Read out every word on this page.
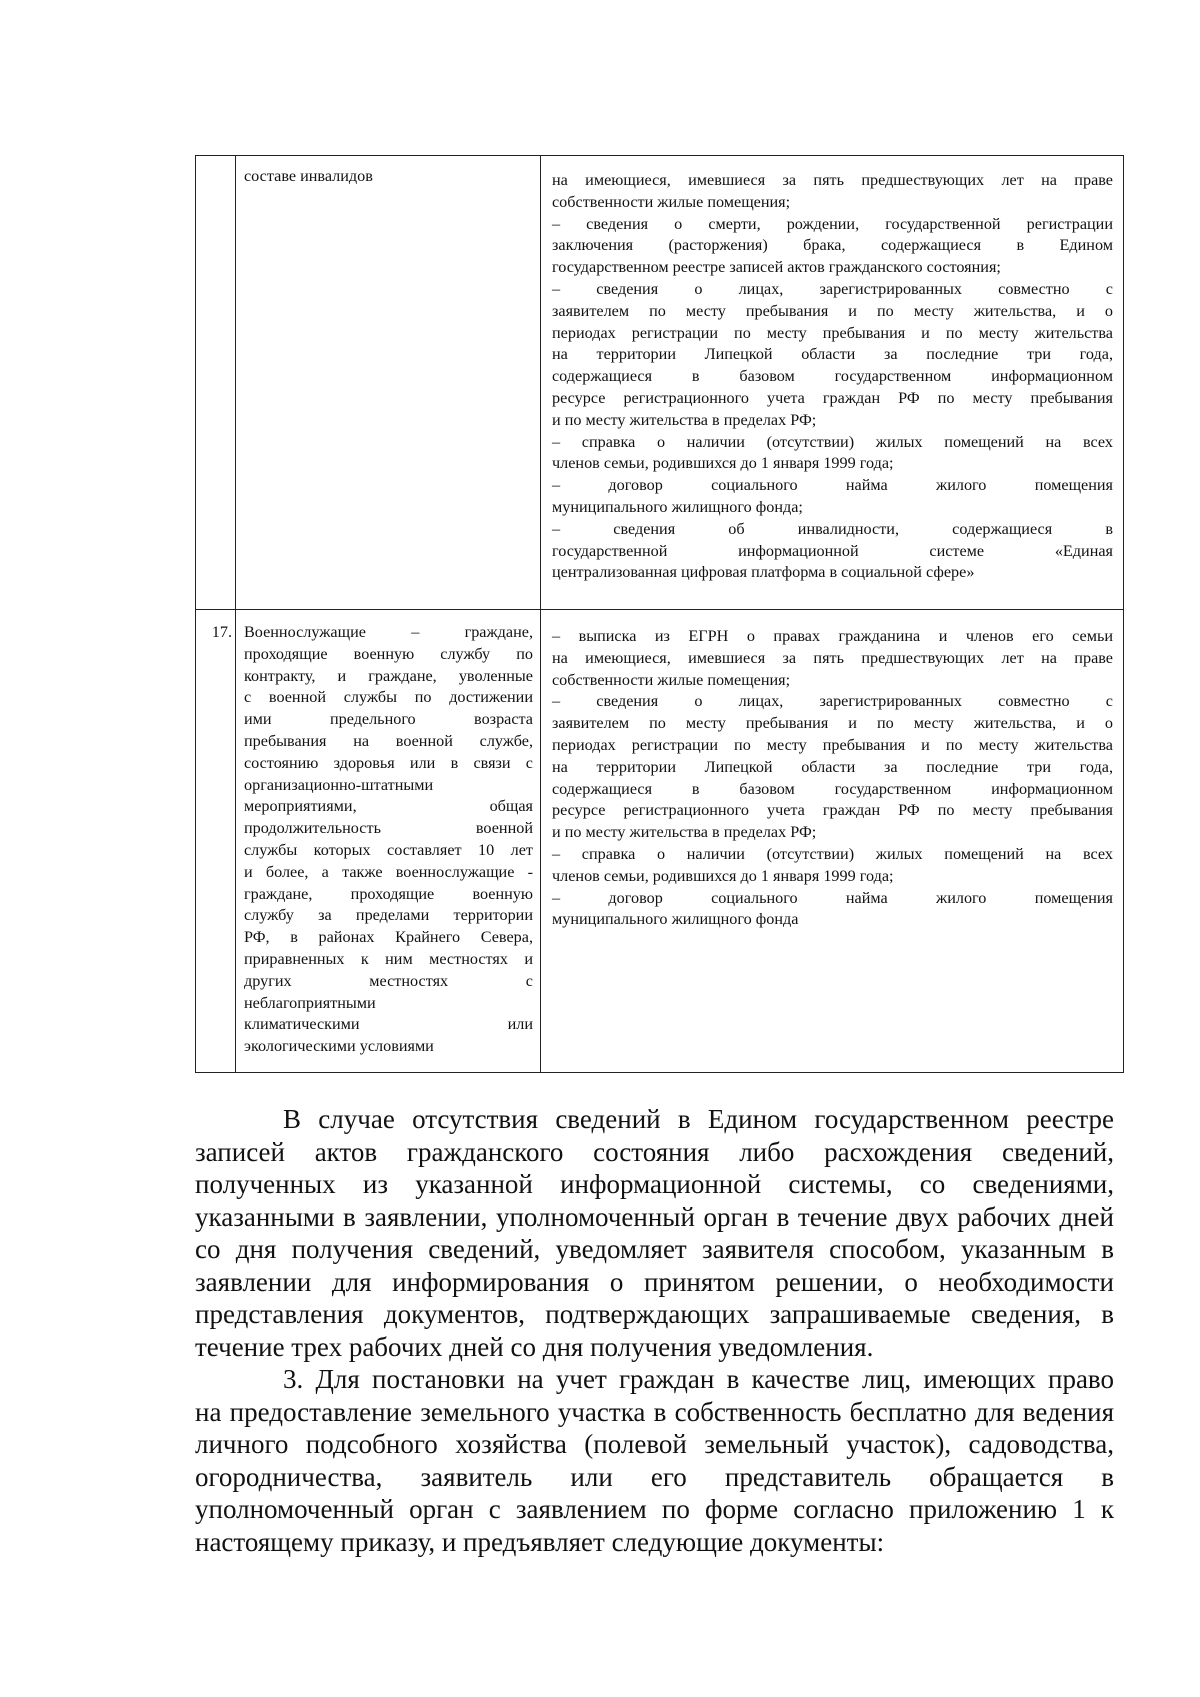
составе инвалидов	на имеющиеся, имевшиеся за пять предшествующих лет на праве
собственности жилые помещения;
– сведения о смерти, рождении, государственной регистрации
заключения (расторжения) брака, содержащиеся в Едином
государственном реестре записей актов гражданского состояния;
– сведения о лицах, зарегистрированных совместно с
заявителем по месту пребывания и по месту жительства, и о
периодах регистрации по месту пребывания и по месту жительства
на территории Липецкой области за последние три года,
содержащиеся в базовом государственном информационном
ресурсе регистрационного учета граждан РФ по месту пребывания
и по месту жительства в пределах РФ;
– справка о наличии (отсутствии) жилых помещений на всех
членов семьи, родившихся до 1 января 1999 года;
– договор социального найма жилого помещения
муниципального жилищного фонда;
– сведения об инвалидности, содержащиеся в
государственной информационной системе «Единая
централизованная цифровая платформа в социальной сфере»
17. Военнослужащие – граждане,
проходящие военную службу по
контракту, и граждане, уволенные
с военной службы по достижении
ими предельного возраста
пребывания на военной службе,
состоянию здоровья или в связи с
организационно-штатными
мероприятиями, общая
продолжительность военной
службы которых составляет 10 лет
и более, а также военнослужащие -
граждане, проходящие военную
службу за пределами территории
РФ, в районах Крайнего Севера,
приравненных к ним местностях и
других местностях с
неблагоприятными
климатическими или
экологическими условиями
– выписка из ЕГРН о правах гражданина и членов его семьи
на имеющиеся, имевшиеся за пять предшествующих лет на праве
собственности жилые помещения;
– сведения о лицах, зарегистрированных совместно с
заявителем по месту пребывания и по месту жительства, и о
периодах регистрации по месту пребывания и по месту жительства
на территории Липецкой области за последние три года,
содержащиеся в базовом государственном информационном
ресурсе регистрационного учета граждан РФ по месту пребывания
и по месту жительства в пределах РФ;
– справка о наличии (отсутствии) жилых помещений на всех
членов семьи, родившихся до 1 января 1999 года;
– договор социального найма жилого помещения
муниципального жилищного фонда
В случае отсутствия сведений в Едином государственном реестре
записей актов гражданского состояния либо расхождения сведений,
полученных из указанной информационной системы, со сведениями,
указанными в заявлении, уполномоченный орган в течение двух рабочих дней
со дня получения сведений, уведомляет заявителя способом, указанным в
заявлении для информирования о принятом решении, о необходимости
представления документов, подтверждающих запрашиваемые сведения, в
течение трех рабочих дней со дня получения уведомления.
3. Для постановки на учет граждан в качестве лиц, имеющих право
на предоставление земельного участка в собственность бесплатно для ведения
личного подсобного хозяйства (полевой земельный участок), садоводства,
огородничества, заявитель или его представитель обращается в
уполномоченный орган с заявлением по форме согласно приложению 1 к
настоящему приказу, и предъявляет следующие документы:
